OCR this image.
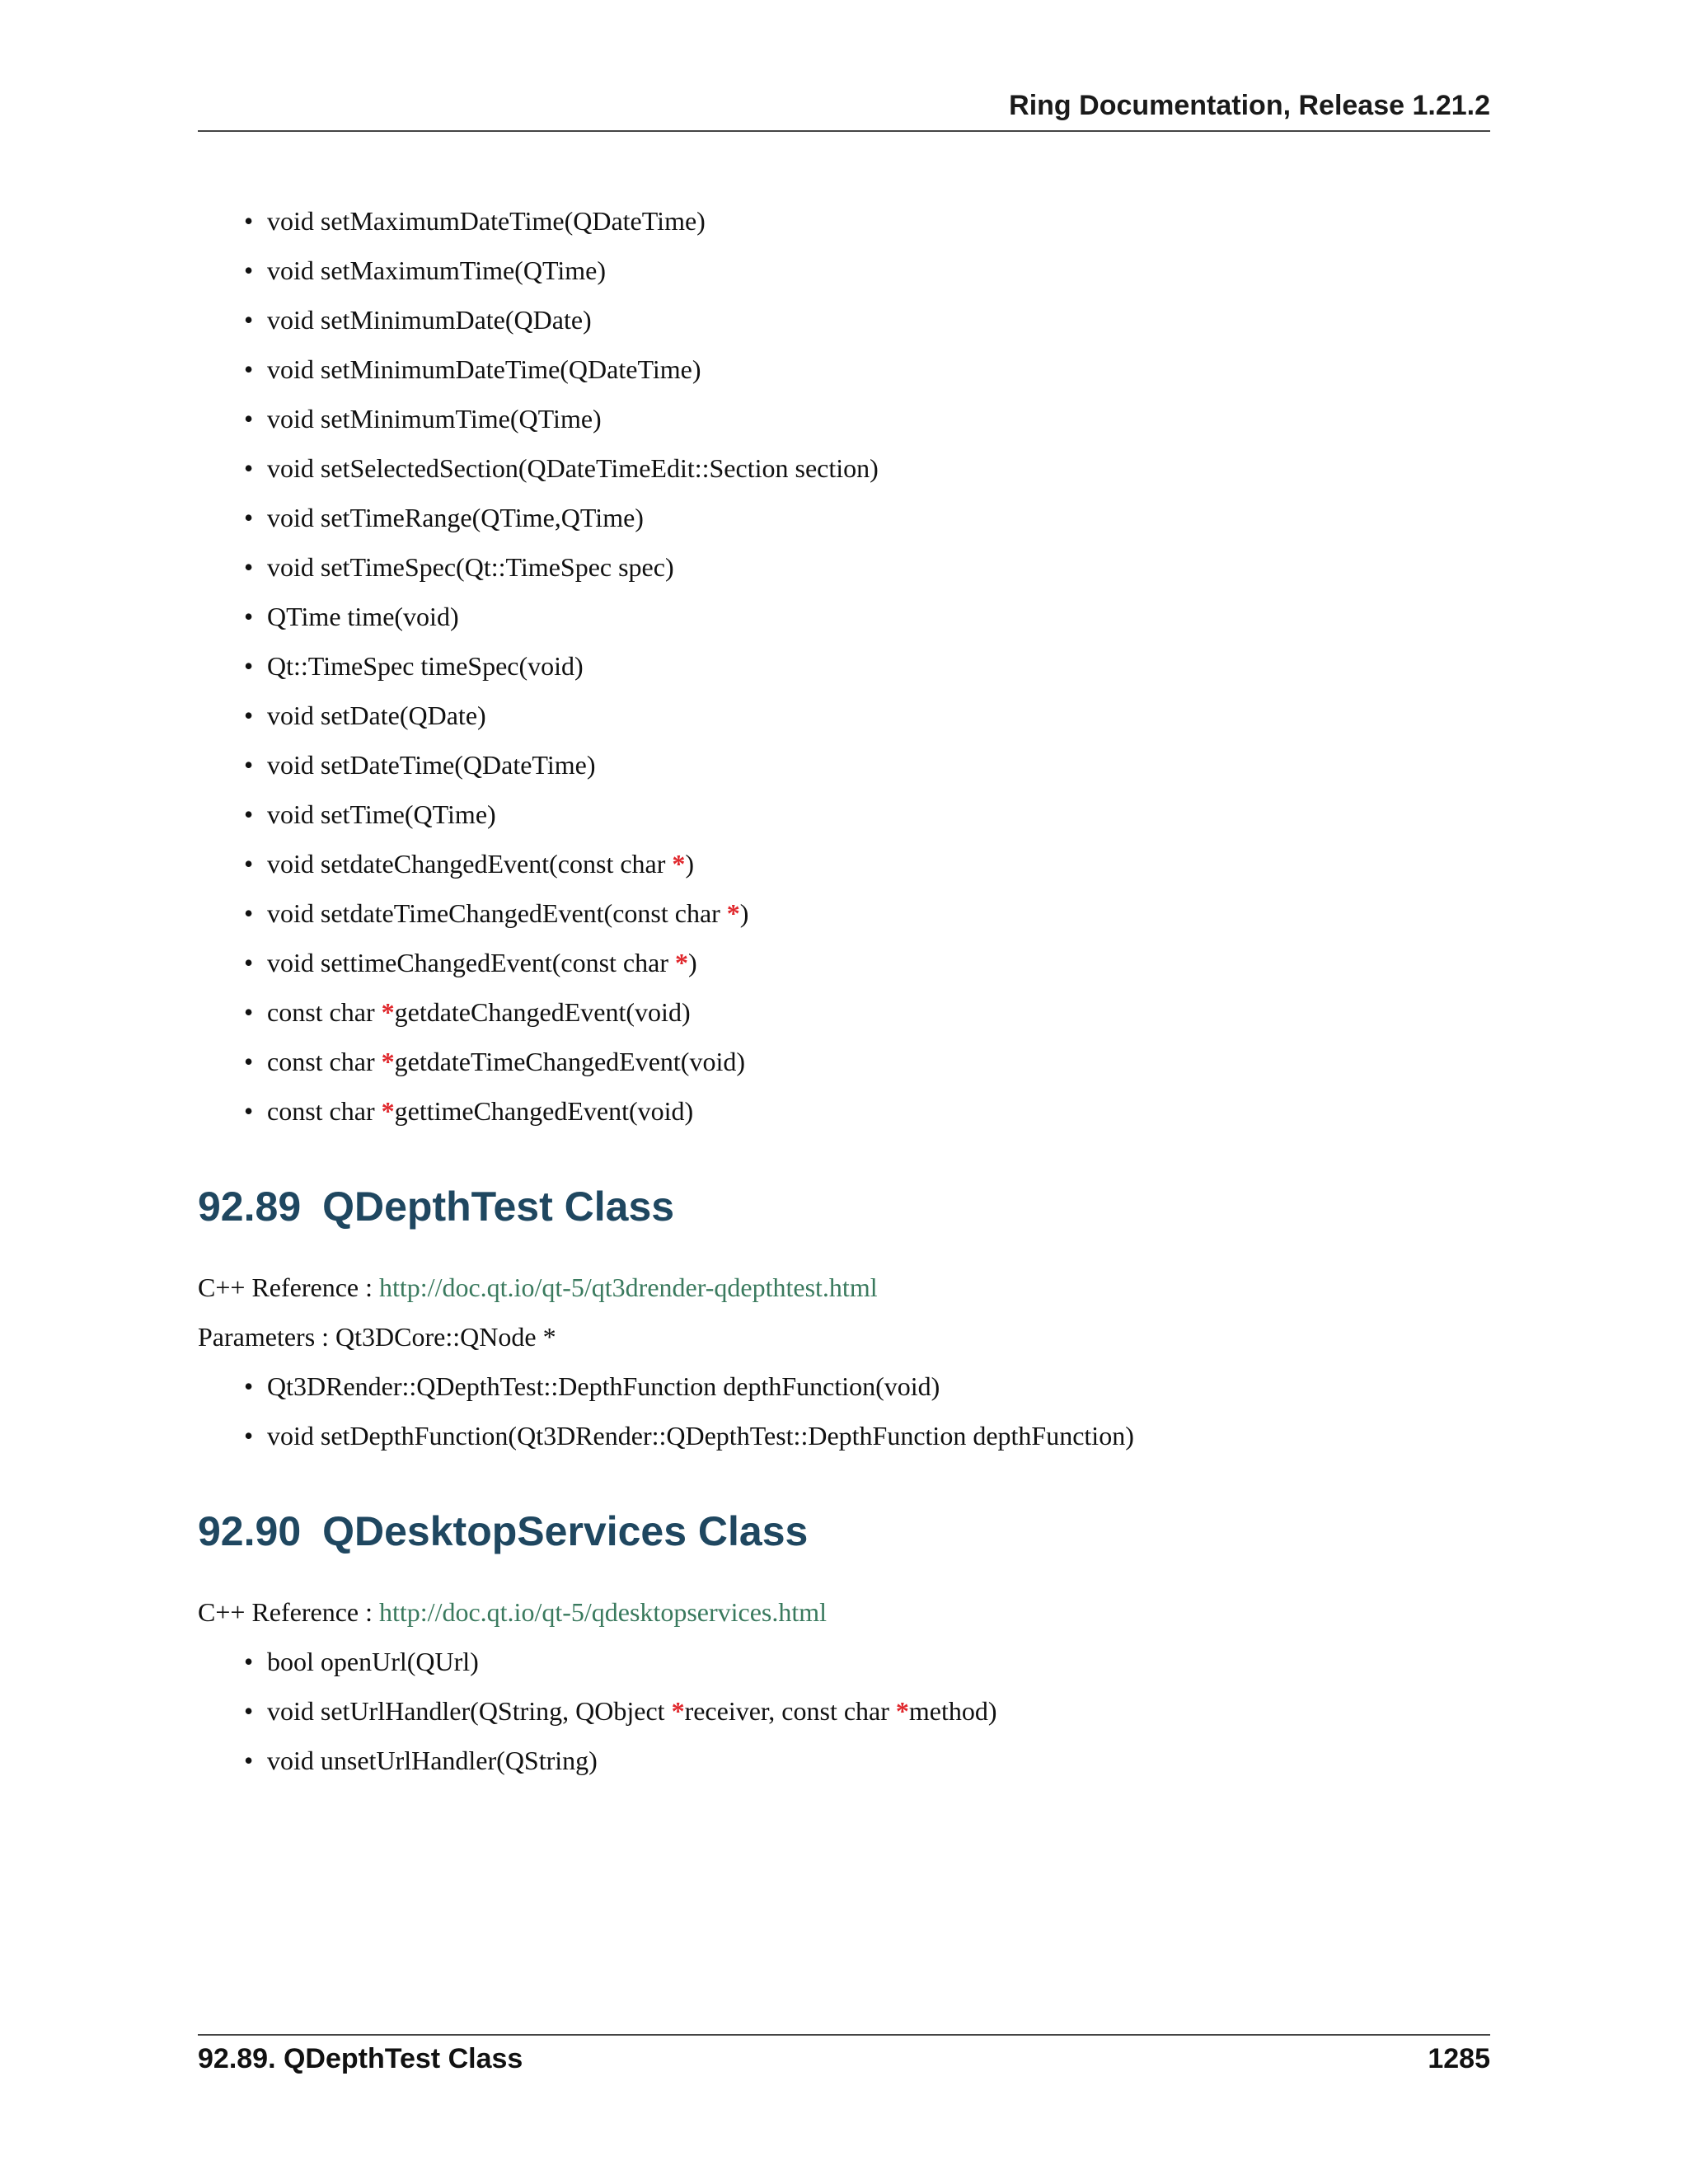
Ring Documentation, Release 1.21.2
• void setMaximumDateTime(QDateTime)
• void setMaximumTime(QTime)
• void setMinimumDate(QDate)
• void setMinimumDateTime(QDateTime)
• void setMinimumTime(QTime)
• void setSelectedSection(QDateTimeEdit::Section section)
• void setTimeRange(QTime,QTime)
• void setTimeSpec(Qt::TimeSpec spec)
• QTime time(void)
• Qt::TimeSpec timeSpec(void)
• void setDate(QDate)
• void setDateTime(QDateTime)
• void setTime(QTime)
• void setdateChangedEvent(const char *)
• void setdateTimeChangedEvent(const char *)
• void settimeChangedEvent(const char *)
• const char *getdateChangedEvent(void)
• const char *getdateTimeChangedEvent(void)
• const char *gettimeChangedEvent(void)
92.89 QDepthTest Class
C++ Reference : http://doc.qt.io/qt-5/qt3drender-qdepthtest.html
Parameters : Qt3DCore::QNode *
• Qt3DRender::QDepthTest::DepthFunction depthFunction(void)
• void setDepthFunction(Qt3DRender::QDepthTest::DepthFunction depthFunction)
92.90 QDesktopServices Class
C++ Reference : http://doc.qt.io/qt-5/qdesktopservices.html
• bool openUrl(QUrl)
• void setUrlHandler(QString, QObject *receiver, const char *method)
• void unsetUrlHandler(QString)
92.89. QDepthTest Class	1285
